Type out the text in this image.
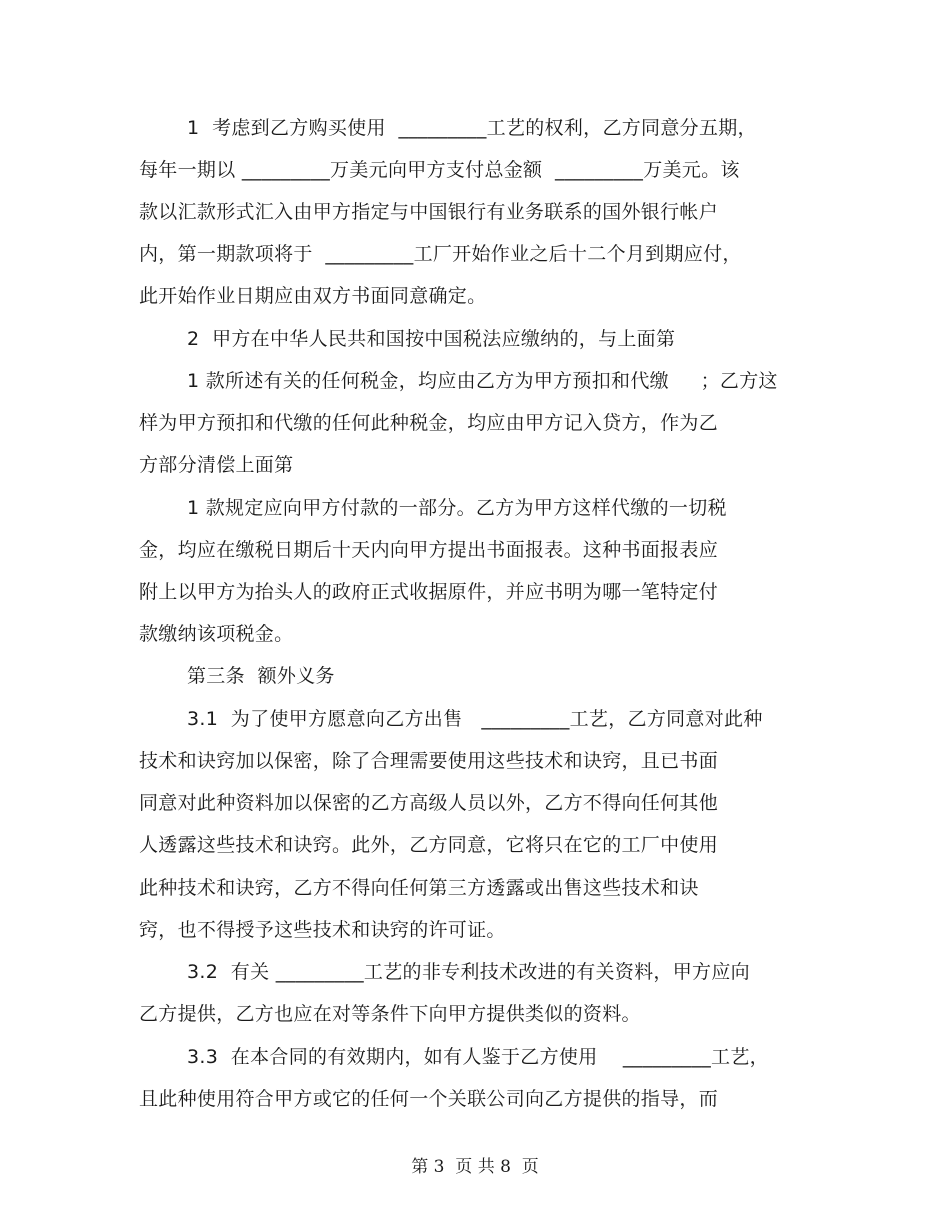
1  考虑到乙方购买使用  _________工艺的权利，乙方同意分五期，
每年一期以 _________万美元向甲方支付总金额  _________万美元。该
款以汇款形式汇入由甲方指定与中国银行有业务联系的国外银行帐户
内，第一期款项将于  _________工厂开始作业之后十二个月到期应付，
此开始作业日期应由双方书面同意确定。
2  甲方在中华人民共和国按中国税法应缴纳的，与上面第
1 款所述有关的任何税金，均应由乙方为甲方预扣和代缴     ；乙方这
样为甲方预扣和代缴的任何此种税金，均应由甲方记入贷方，作为乙
方部分清偿上面第
1 款规定应向甲方付款的一部分。乙方为甲方这样代缴的一切税
金，均应在缴税日期后十天内向甲方提出书面报表。这种书面报表应
附上以甲方为抬头人的政府正式收据原件，并应书明为哪一笔特定付
款缴纳该项税金。
第三条  额外义务
3.1  为了使甲方愿意向乙方出售   _________工艺，乙方同意对此种
技术和诀窍加以保密，除了合理需要使用这些技术和诀窍，且已书面
同意对此种资料加以保密的乙方高级人员以外，乙方不得向任何其他
人透露这些技术和诀窍。此外，乙方同意，它将只在它的工厂中使用
此种技术和诀窍，乙方不得向任何第三方透露或出售这些技术和诀
窍，也不得授予这些技术和诀窍的许可证。
3.2  有关 _________工艺的非专利技术改进的有关资料，甲方应向
乙方提供，乙方也应在对等条件下向甲方提供类似的资料。
3.3  在本合同的有效期内，如有人鉴于乙方使用    _________工艺，
且此种使用符合甲方或它的任何一个关联公司向乙方提供的指导，而
第 3  页 共 8  页
